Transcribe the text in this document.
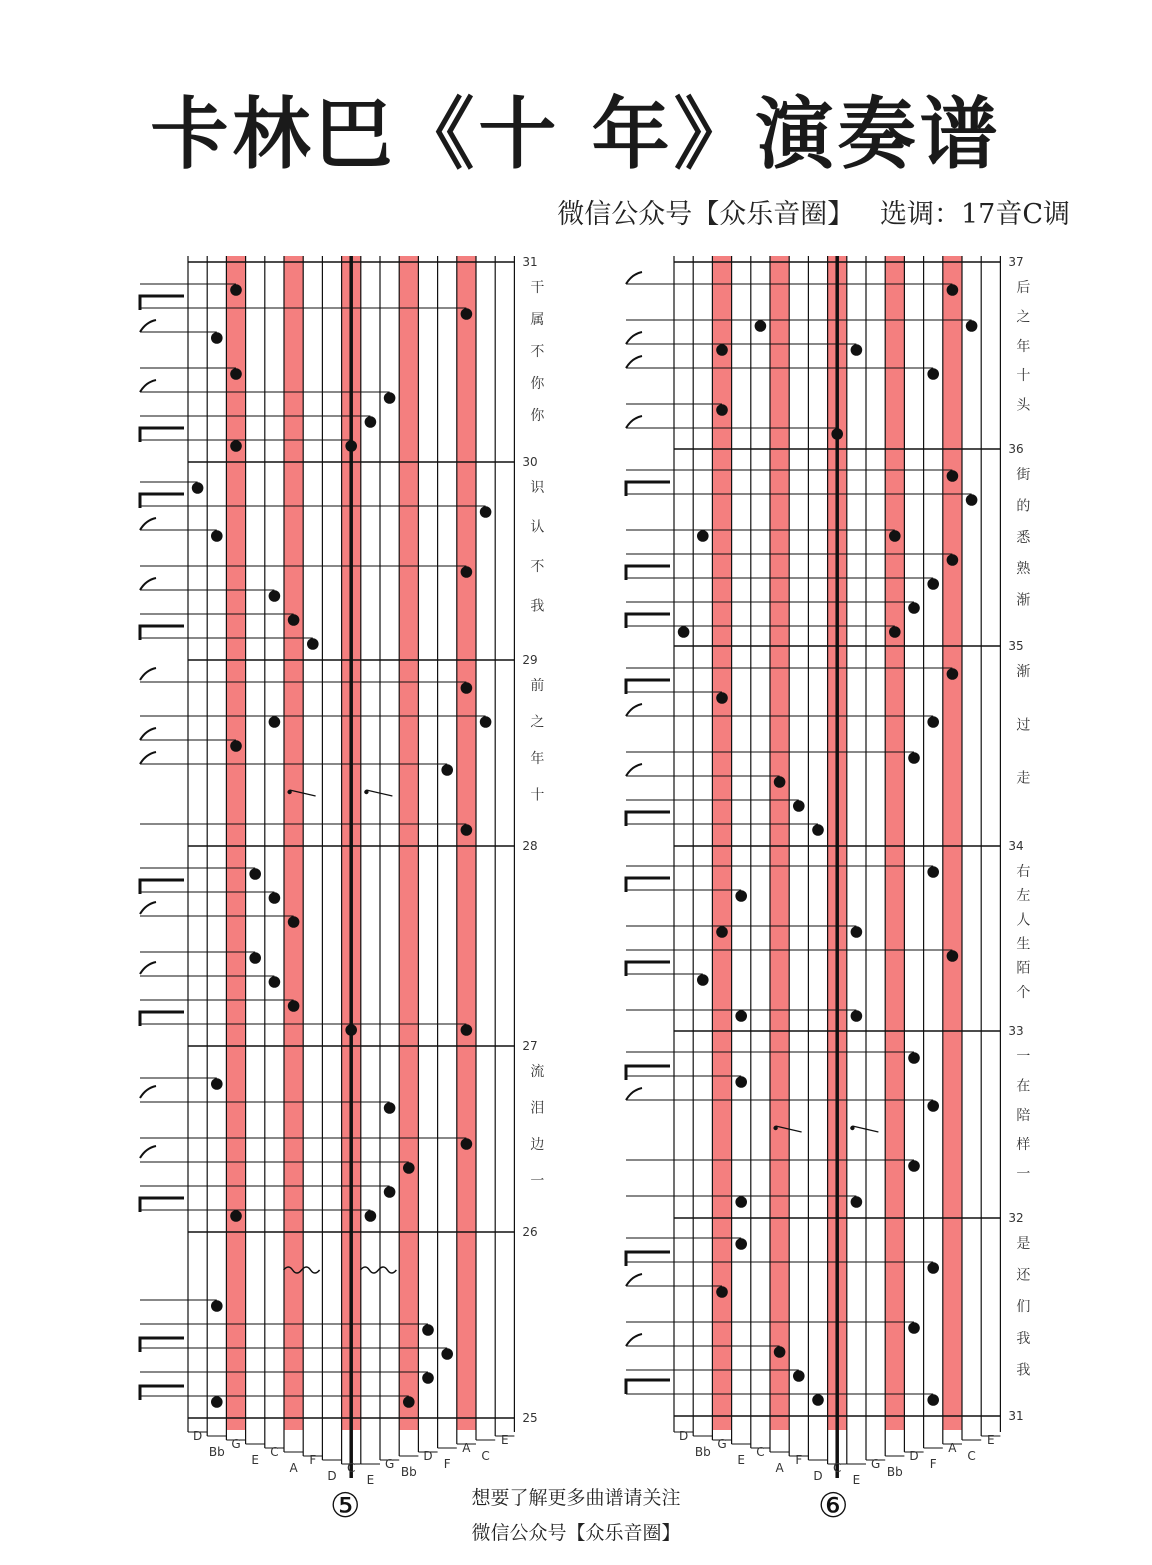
卡林巴《十 年》演奏谱
微信公众号【众乐音圈】   选调：17音C调
31
干
属
不
你
你
30
识
认
不
我
29
前
之
年
十
28
27
流
泪
边
一
26
25
D
Bb
G
E
C
A
F
D
C
E
G
Bb
D
F
A
C
E
37
后
之
年
十
头
36
街
的
悉
熟
渐
35
渐
过
走
34
右
左
人
生
陌
个
33
一
在
陪
样
一
32
是
还
们
我
我
31
D
Bb
G
E
C
A
F
D
C
E
G
Bb
D
F
A
C
E
⑤	⑥
想要了解更多曲谱请关注
微信公众号【众乐音圈】
